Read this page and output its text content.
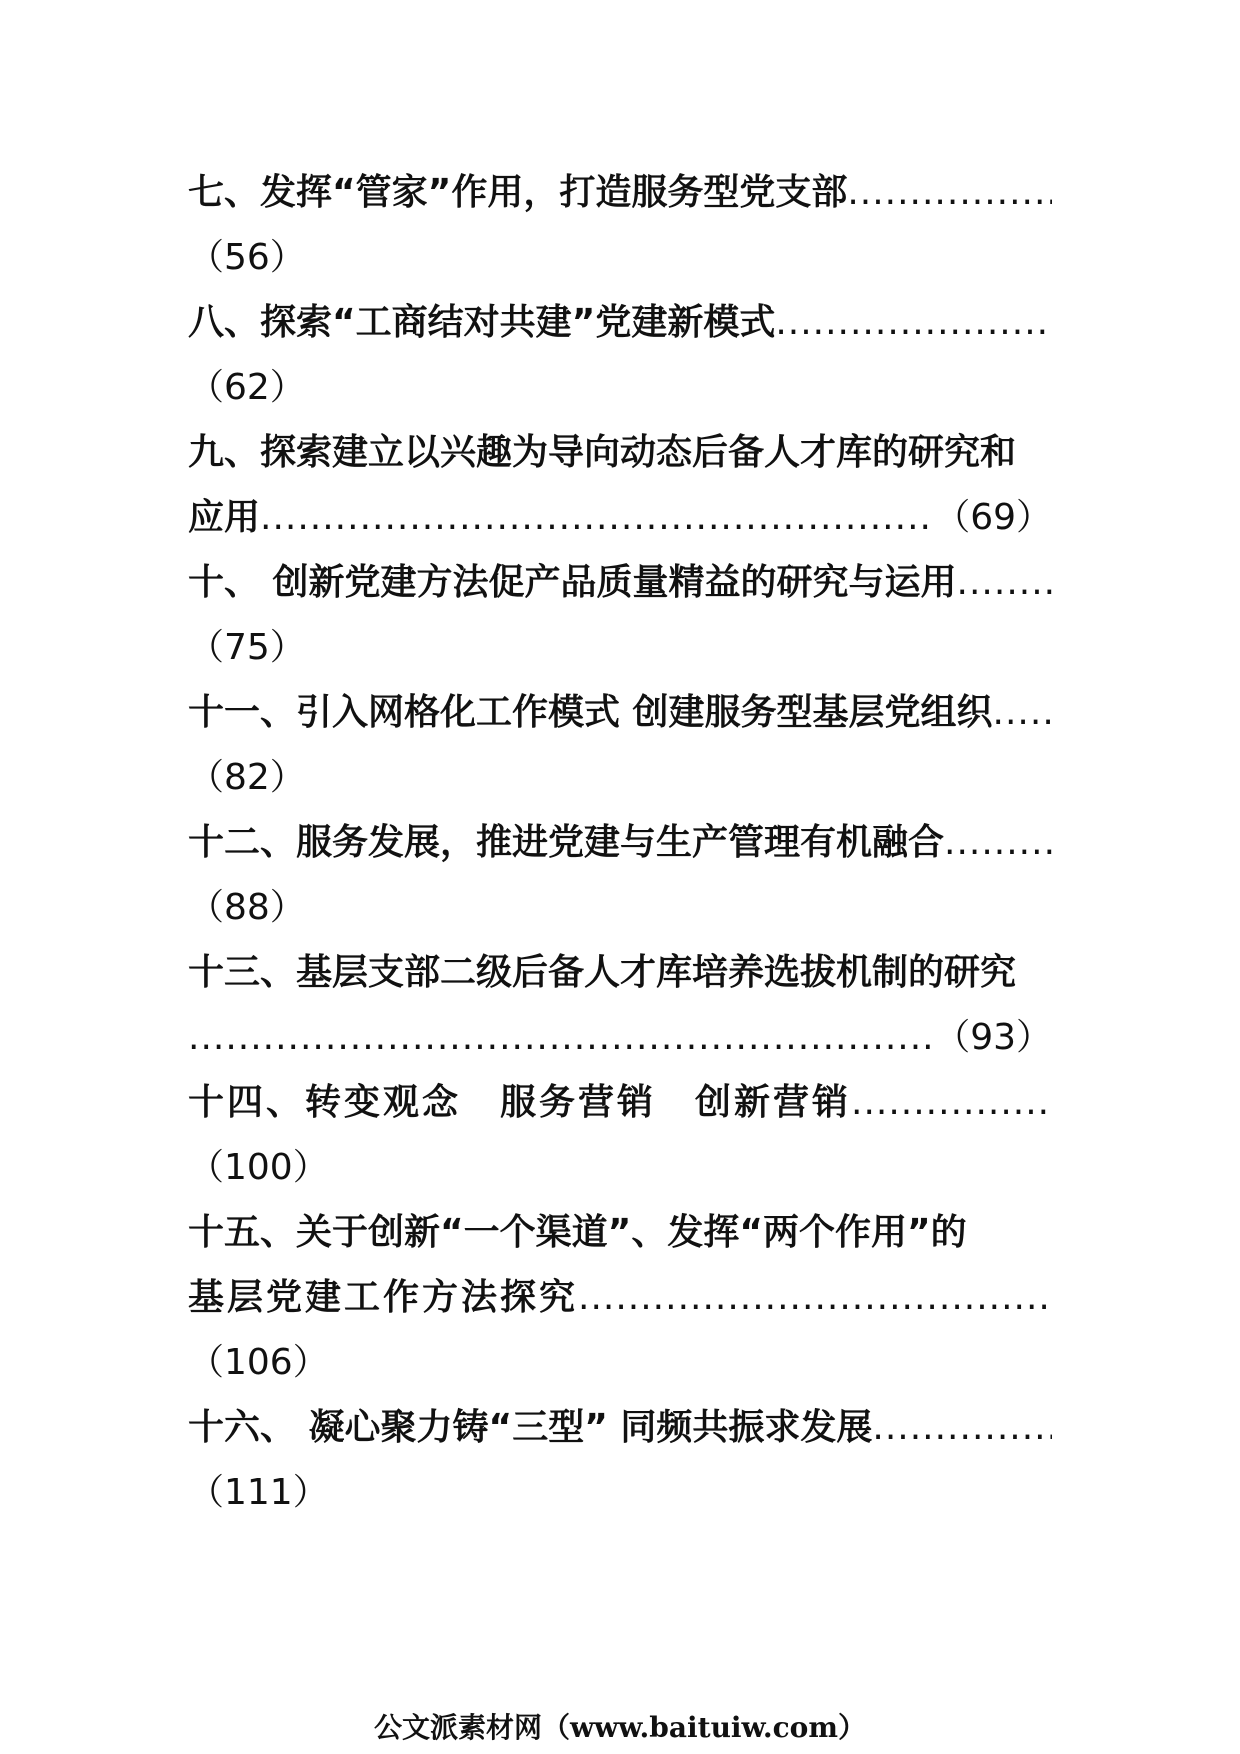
七、发挥“管家”作用，打造服务型党支部
.....
（56）
八、探索“工商结对共建”党建新模式
.....
（62）
九、探索建立以兴趣为导向动态后备人才库的研究和
应用
.....	（69）
十、 创新党建方法促产品质量精益的研究与运用
.....
（75）
十一、引入网格化工作模式 创建服务型基层党组织
.....
（82）
十二、服务发展，推进党建与生产管理有机融合
.....
（88）
十三、基层支部二级后备人才库培养选拔机制的研究
.....
（93）
十四、转变观念　服务营销　创新营销
.....
（100）
十五、关于创新“一个渠道”、发挥“两个作用”的
基层党建工作方法探究
.....
（106）
十六、 凝心聚力铸“三型” 同频共振求发展
.....
（111）
公文派素材网（www.baituiw.com）
